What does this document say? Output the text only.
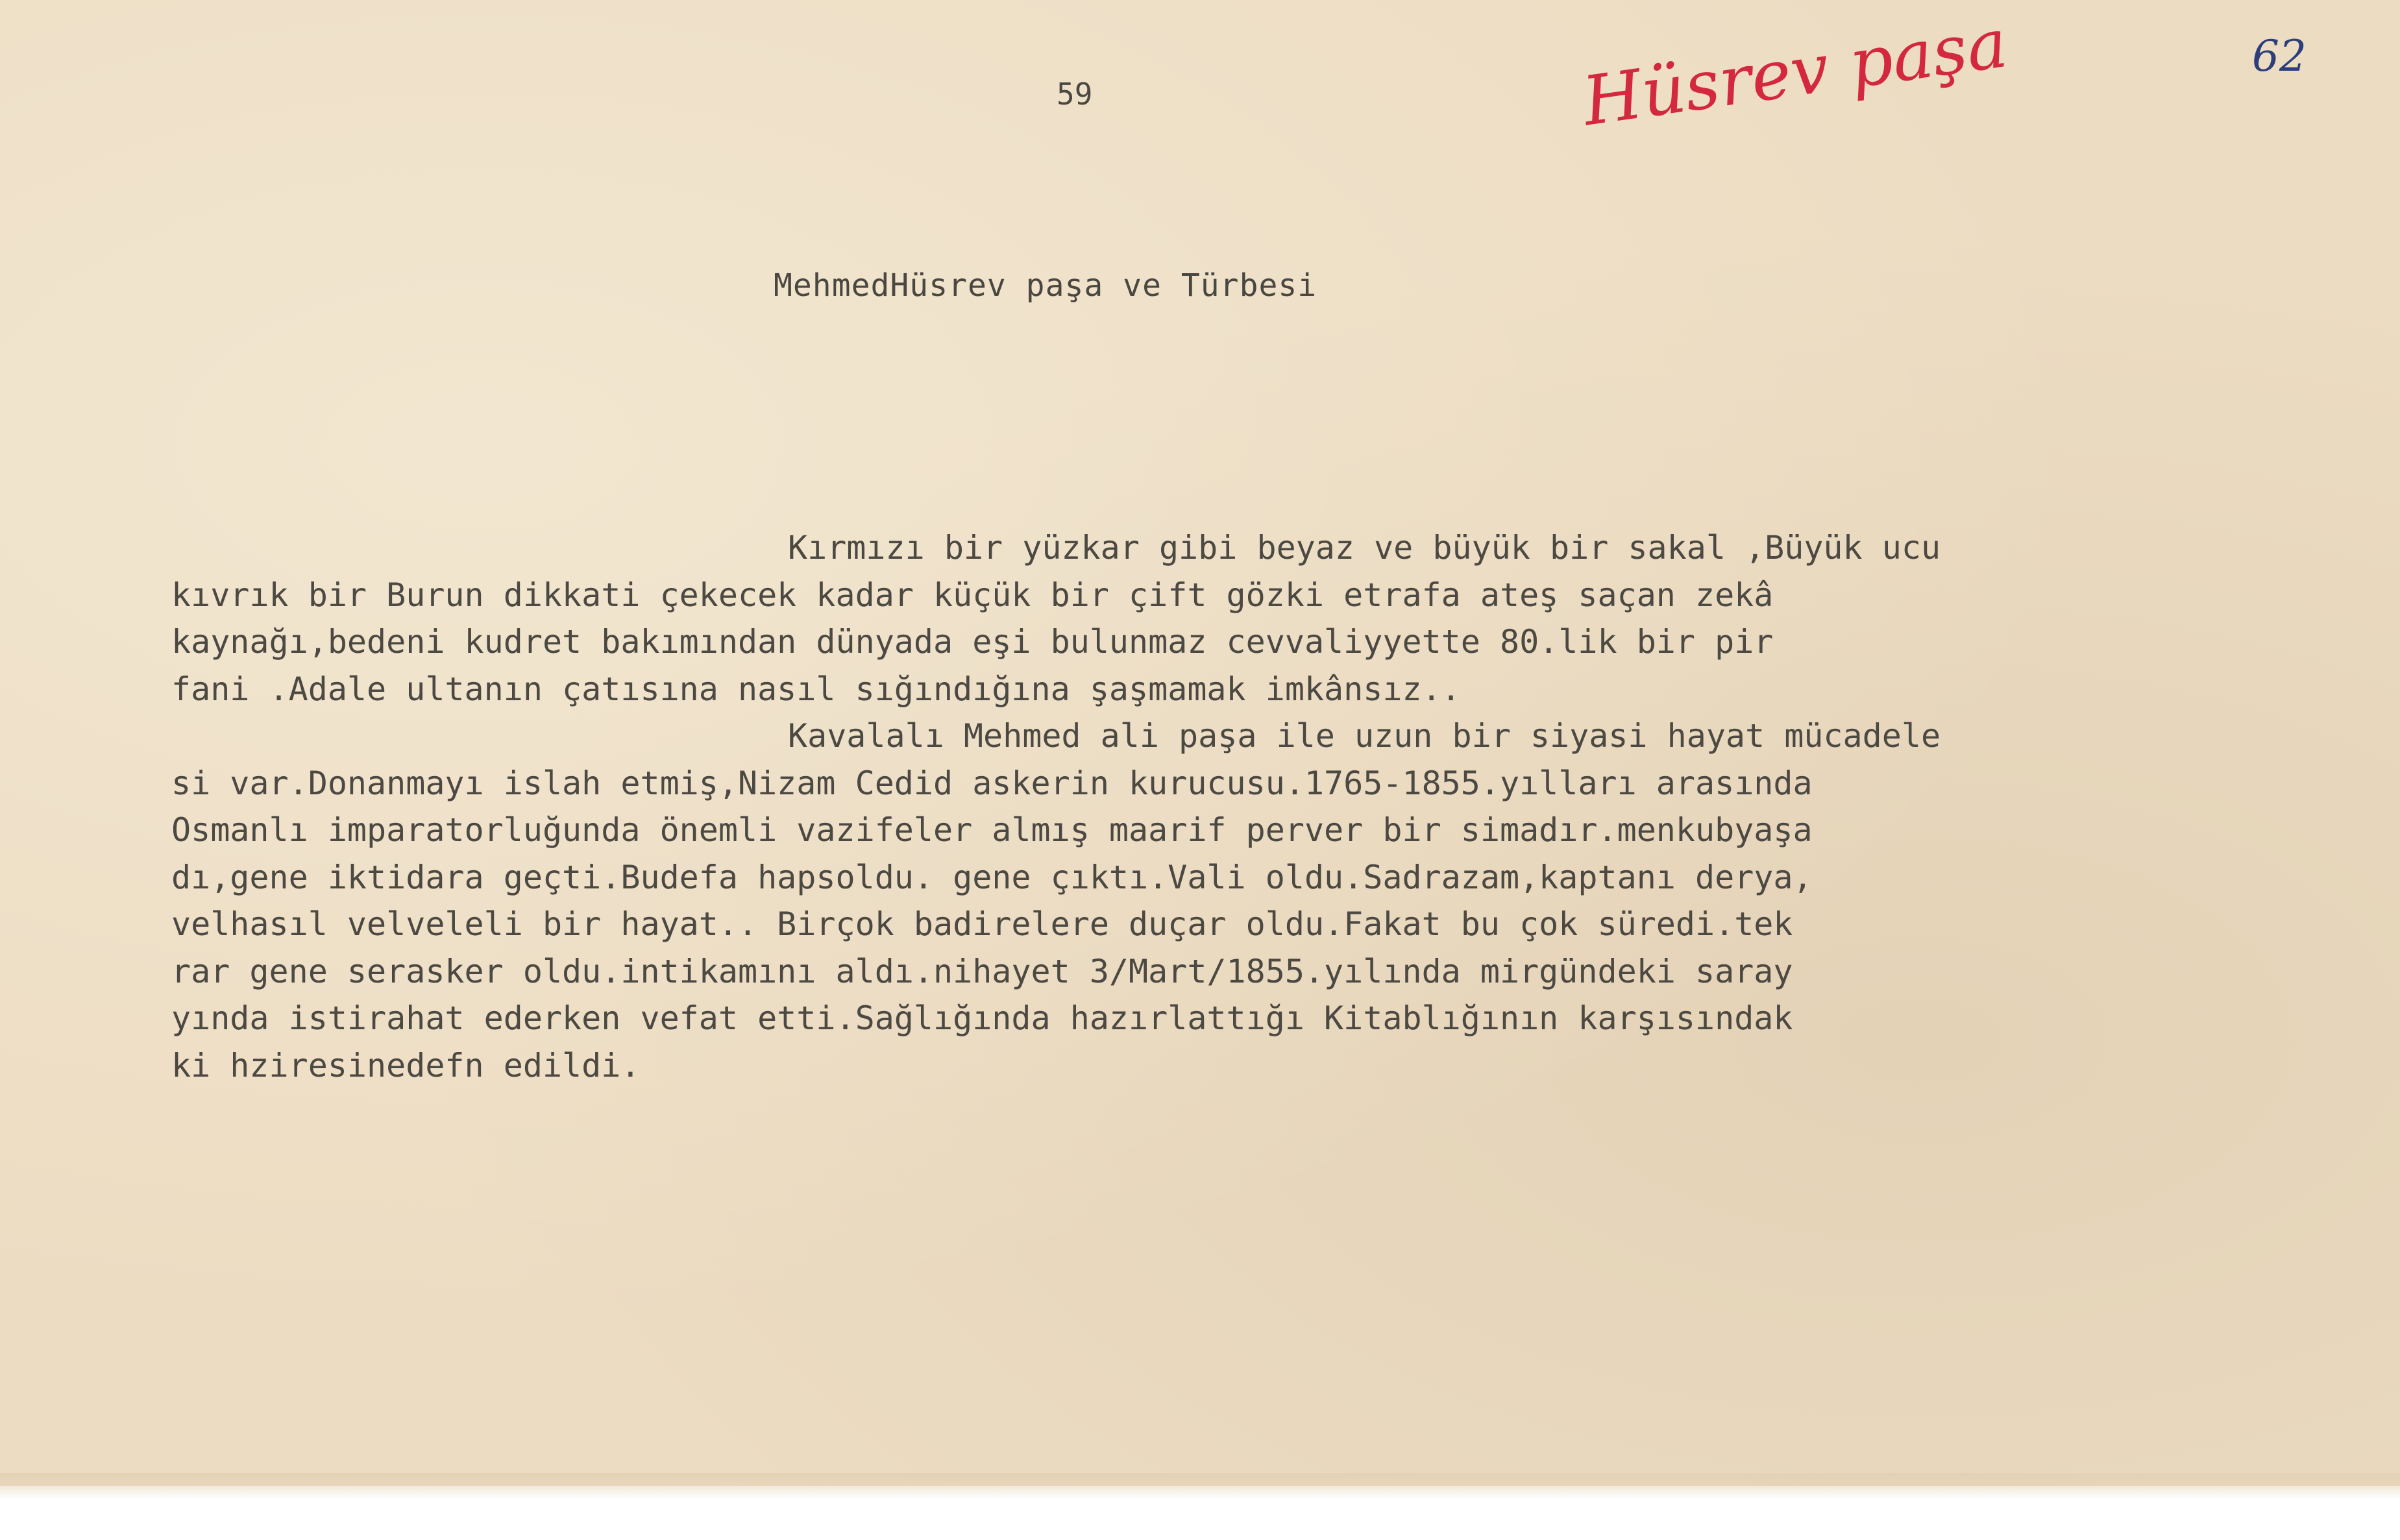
59	Hüsrev paşa	62
MehmedHüsrev paşa ve Türbesi
Kırmızı bir yüzkar gibi beyaz ve büyük bir sakal ,Büyük ucu
kıvrık bir Burun dikkati çekecek kadar küçük bir çift gözki etrafa ateş saçan zekâ
kaynağı,bedeni kudret bakımından dünyada eşi bulunmaz cevvaliyyette 80.lik bir pir
fani .Adale ultanın çatısına nasıl sığındığına şaşmamak imkânsız..
Kavalalı Mehmed ali paşa ile uzun bir siyasi hayat mücadele
si var.Donanmayı islah etmiş,Nizam Cedid askerin kurucusu.1765-1855.yılları arasında
Osmanlı imparatorluğunda önemli vazifeler almış maarif perver bir simadır.menkubyaşa
dı,gene iktidara geçti.Budefa hapsoldu. gene çıktı.Vali oldu.Sadrazam,kaptanı derya,
velhasıl velveleli bir hayat.. Birçok badirelere duçar oldu.Fakat bu çok süredi.tek
rar gene serasker oldu.intikamını aldı.nihayet 3/Mart/1855.yılında mirgündeki saray
yında istirahat ederken vefat etti.Sağlığında hazırlattığı Kitablığının karşısındak
ki hziresinedefn edildi.
